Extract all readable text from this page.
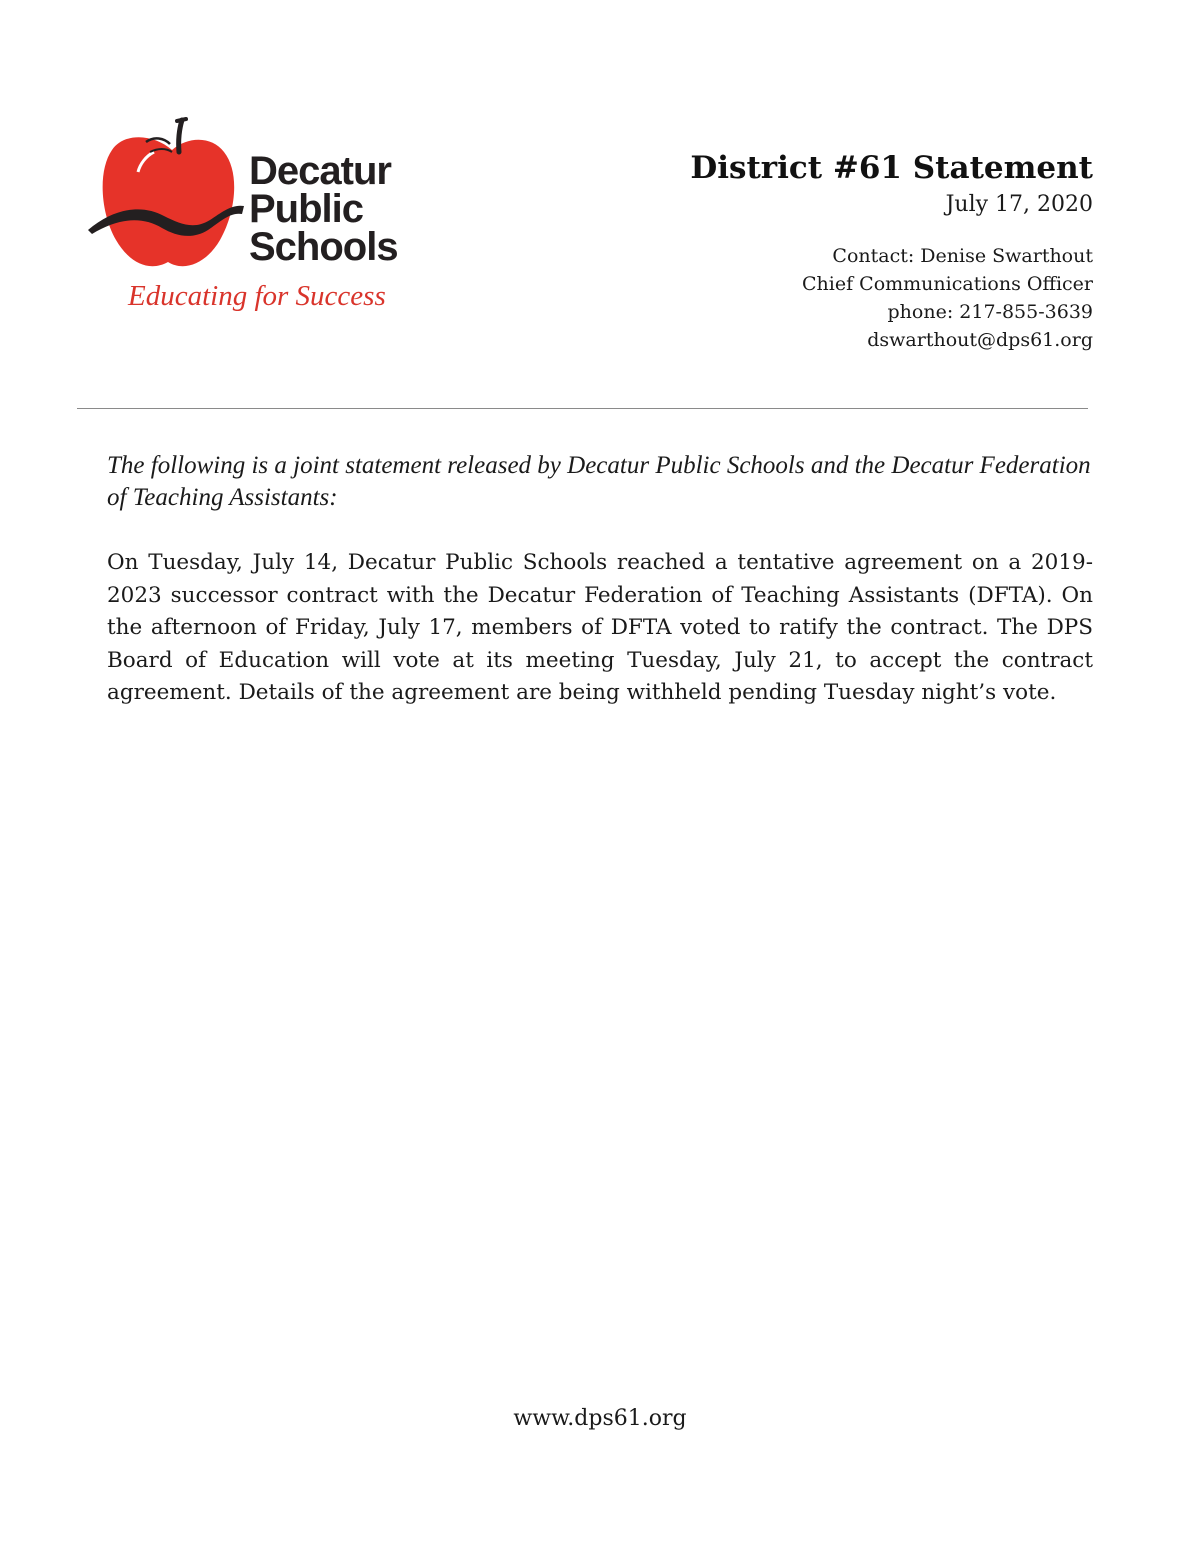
Decatur
Public
Schools
Educating for Success
District #61 Statement
July 17, 2020
Contact: Denise Swarthout
Chief Communications Officer
phone: 217-855-3639
dswarthout@dps61.org
The following is a joint statement released by Decatur Public Schools and the Decatur Federation of Teaching Assistants:
On Tuesday, July 14, Decatur Public Schools reached a tentative agreement on a 2019-2023 successor contract with the Decatur Federation of Teaching Assistants (DFTA). On the afternoon of Friday, July 17, members of DFTA voted to ratify the contract. The DPS Board of Education will vote at its meeting Tuesday, July 21, to accept the contract agreement. Details of the agreement are being withheld pending Tuesday night’s vote.
www.dps61.org
